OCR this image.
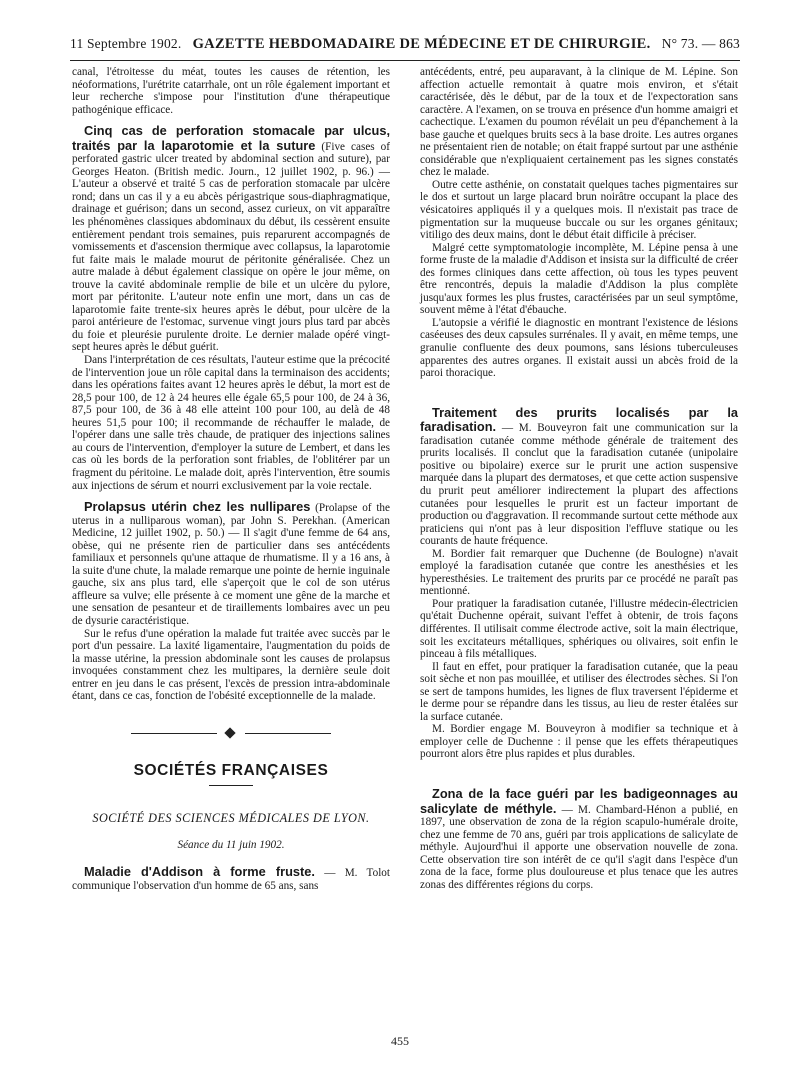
11 Septembre 1902. GAZETTE HEBDOMADAIRE DE MÉDECINE ET DE CHIRURGIE. N° 73. — 863

canal, l'étroitesse du méat, toutes les causes de rétention, les néoformations, l'urétrite catarrhale, ont un rôle également important et leur recherche s'impose pour l'institution d'une thérapeutique pathogénique efficace.

Cinq cas de perforation stomacale par ulcus, traités par la laparotomie et la suture (Five cases of perforated gastric ulcer treated by abdominal section and suture), par Georges Heaton. (British medic. Journ., 12 juillet 1902, p. 96.) — L'auteur a observé et traité 5 cas de perforation stomacale par ulcère rond; dans un cas il y a eu abcès périgastrique sous-diaphragmatique, drainage et guérison; dans un second, assez curieux, on vit apparaître les phénomènes classiques abdominaux du début, ils cessèrent ensuite entièrement pendant trois semaines, puis reparurent accompagnés de vomissements et d'ascension thermique avec collapsus, la laparotomie fut faite mais le malade mourut de péritonite généralisée. Chez un autre malade à début également classique on opère le jour même, on trouve la cavité abdominale remplie de bile et un ulcère du pylore, mort par péritonite. L'auteur note enfin une mort, dans un cas de laparotomie faite trente-six heures après le début, pour ulcère de la paroi antérieure de l'estomac, survenue vingt jours plus tard par abcès du foie et pleurésie purulente droite. Le dernier malade opéré vingt-sept heures après le début guérit.

Dans l'interprétation de ces résultats, l'auteur estime que la précocité de l'intervention joue un rôle capital dans la terminaison des accidents; dans les opérations faites avant 12 heures après le début, la mort est de 28,5 pour 100, de 12 à 24 heures elle égale 65,5 pour 100, de 24 à 36, 87,5 pour 100, de 36 à 48 elle atteint 100 pour 100, au delà de 48 heures 51,5 pour 100; il recommande de réchauffer le malade, de l'opérer dans une salle très chaude, de pratiquer des injections salines au cours de l'intervention, d'employer la suture de Lembert, et dans les cas où les bords de la perforation sont friables, de l'oblitérer par un fragment du péritoine. Le malade doit, après l'intervention, être soumis aux injections de sérum et nourri exclusivement par la voie rectale.

Prolapsus utérin chez les nullipares (Prolapse of the uterus in a nulliparous woman), par John S. Perekhan. (American Medicine, 12 juillet 1902, p. 50.) — Il s'agit d'une femme de 64 ans, obèse, qui ne présente rien de particulier dans ses antécédents familiaux et personnels qu'une attaque de rhumatisme. Il y a 16 ans, à la suite d'une chute, la malade remarque une pointe de hernie inguinale gauche, six ans plus tard, elle s'aperçoit que le col de son utérus affleure sa vulve; elle présente à ce moment une gêne de la marche et une sensation de pesanteur et de tiraillements lombaires avec un peu de dysurie caractéristique.

Sur le refus d'une opération la malade fut traitée avec succès par le port d'un pessaire. La laxité ligamentaire, l'augmentation du poids de la masse utérine, la pression abdominale sont les causes de prolapsus invoquées constamment chez les multipares, la dernière seule doit entrer en jeu dans le cas présent, l'excès de pression intra-abdominale étant, dans ce cas, fonction de l'obésité exceptionnelle de la malade.

SOCIÉTÉS FRANÇAISES
SOCIÉTÉ DES SCIENCES MÉDICALES DE LYON.
Séance du 11 juin 1902.

Maladie d'Addison à forme fruste. — M. Tolot communique l'observation d'un homme de 65 ans, sans

antécédents, entré, peu auparavant, à la clinique de M. Lépine. Son affection actuelle remontait à quatre mois environ, et s'était caractérisée, dès le début, par de la toux et de l'expectoration sans caractère. A l'examen, on se trouva en présence d'un homme amaigri et cachectique. L'examen du poumon révélait un peu d'épanchement à la base gauche et quelques bruits secs à la base droite. Les autres organes ne présentaient rien de notable; on était frappé surtout par une asthénie considérable que n'expliquaient certainement pas les signes constatés chez le malade.

Outre cette asthénie, on constatait quelques taches pigmentaires sur le dos et surtout un large placard brun noirâtre occupant la place des vésicatoires appliqués il y a quelques mois. Il n'existait pas trace de pigmentation sur la muqueuse buccale ou sur les organes génitaux; vitiligo des deux mains, dont le début était difficile à préciser.

Malgré cette symptomatologie incomplète, M. Lépine pensa à une forme fruste de la maladie d'Addison et insista sur la difficulté de créer des formes cliniques dans cette affection, où tous les types peuvent être rencontrés, depuis la maladie d'Addison la plus complète jusqu'aux formes les plus frustes, caractérisées par un seul symptôme, souvent même à l'état d'ébauche.

L'autopsie a vérifié le diagnostic en montrant l'existence de lésions caséeuses des deux capsules surrénales. Il y avait, en même temps, une granulie confluente des deux poumons, sans lésions tuberculeuses apparentes des autres organes. Il existait aussi un abcès froid de la paroi thoracique.

Traitement des prurits localisés par la faradisation. — M. Bouveyron fait une communication sur la faradisation cutanée comme méthode générale de traitement des prurits localisés. Il conclut que la faradisation cutanée (unipolaire positive ou bipolaire) exerce sur le prurit une action suspensive marquée dans la plupart des dermatoses, et que cette action suspensive du prurit peut améliorer indirectement la plupart des affections cutanées pour lesquelles le prurit est un facteur important de production ou d'aggravation. Il recommande surtout cette méthode aux praticiens qui n'ont pas à leur disposition l'effluve statique ou les courants de haute fréquence.

M. Bordier fait remarquer que Duchenne (de Boulogne) n'avait employé la faradisation cutanée que contre les anesthésies et les hyperesthésies. Le traitement des prurits par ce procédé ne paraît pas mentionné.

Pour pratiquer la faradisation cutanée, l'illustre médecin-électricien qu'était Duchenne opérait, suivant l'effet à obtenir, de trois façons différentes. Il utilisait comme électrode active, soit la main électrique, soit les excitateurs métalliques, sphériques ou olivaires, soit enfin le pinceau à fils métalliques.

Il faut en effet, pour pratiquer la faradisation cutanée, que la peau soit sèche et non pas mouillée, et utiliser des électrodes sèches. Si l'on se sert de tampons humides, les lignes de flux traversent l'épiderme et le derme pour se répandre dans les tissus, au lieu de rester étalées sur la surface cutanée.

M. Bordier engage M. Bouveyron à modifier sa technique et à employer celle de Duchenne : il pense que les effets thérapeutiques pourront alors être plus rapides et plus durables.

Zona de la face guéri par les badigeonnages au salicylate de méthyle. — M. Chambard-Hénon a publié, en 1897, une observation de zona de la région scapulo-humérale droite, chez une femme de 70 ans, guéri par trois applications de salicylate de méthyle. Aujourd'hui il apporte une observation nouvelle de zona. Cette observation tire son intérêt de ce qu'il s'agit dans l'espèce d'un zona de la face, forme plus douloureuse et plus tenace que les autres zonas des différentes régions du corps.

455
